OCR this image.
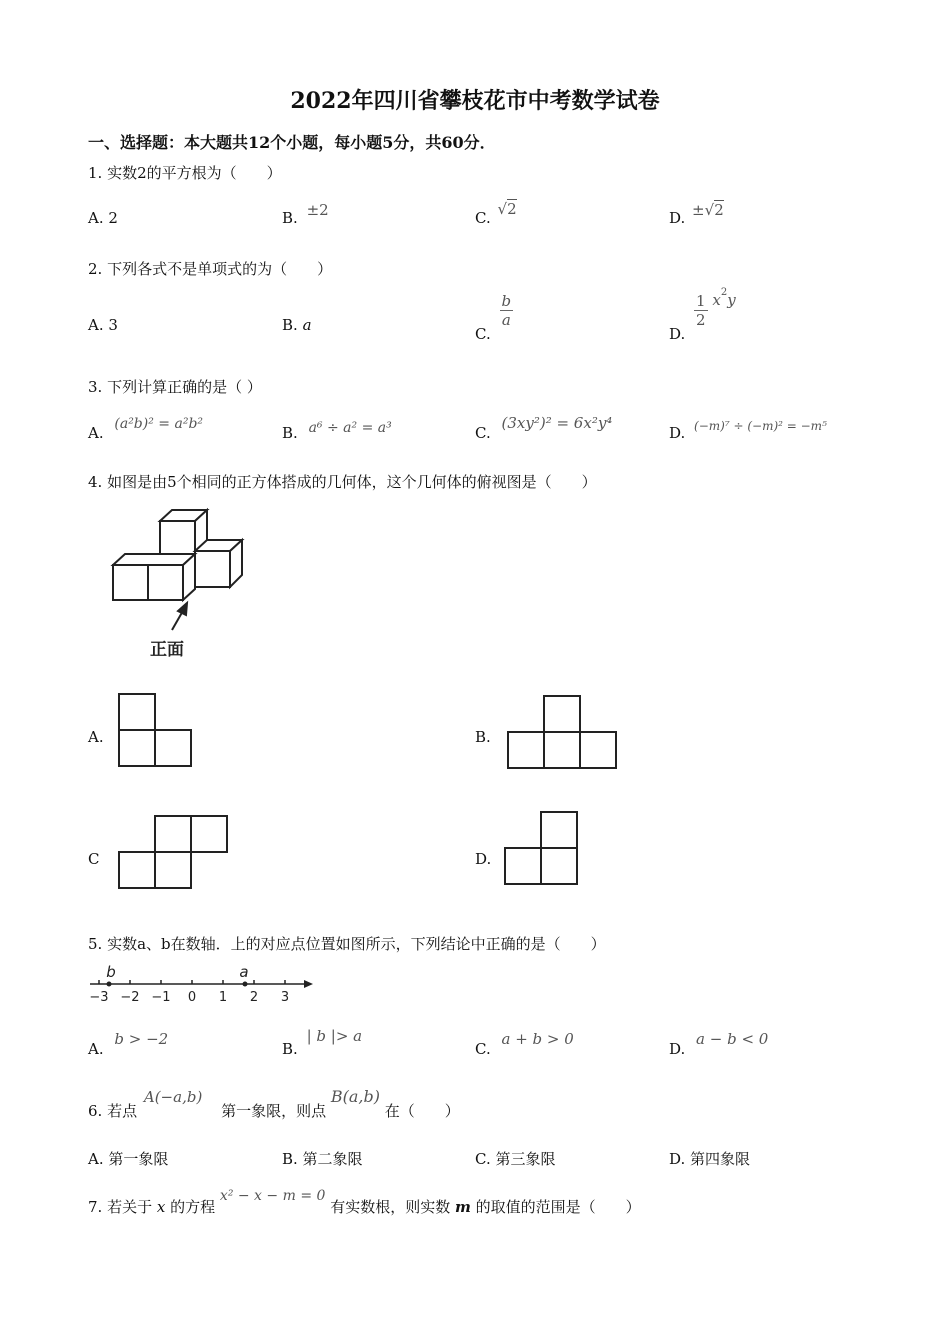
2022年四川省攀枝花市中考数学试卷
一、选择题：本大题共12个小题，每小题5分，共60分．
1. 实数2的平方根为（　　）
A. 2	B. ±2	C. √2	D. ±√2
2. 下列各式不是单项式的为（　　）
A. 3	B. a	C.
$\frac{b}{a}$
D.
$\frac{1}{2} x^2y$
3. 下列计算正确的是（ ）
A. (a²b)² = a²b²	B. a⁶ ÷ a² = a³	C. (3xy²)² = 6x²y⁴
D. $^{(-m)^7 \div (-m)^2 = -m^5}$
4. 如图是由5个相同的正方体搭成的几何体，这个几何体的俯视图是（　　）
正面
A.	B.
C	D.
5. 实数a、b在数轴．上的对应点位置如图所示，下列结论中正确的是（　　）
−3 −2 −1 0 1 2 3
b	a
A. b > −2
B. | b |> a
C. a + b > 0
D. a − b < 0
6. 若点 A(−a,b) 第一象限，则点 B(a,b) 在（　　）
A. 第一象限	B. 第二象限	C. 第三象限	D. 第四象限
7. 若关于 x 的方程 x² − x − m = 0 有实数根，则实数 m 的取值的范围是（　　）
